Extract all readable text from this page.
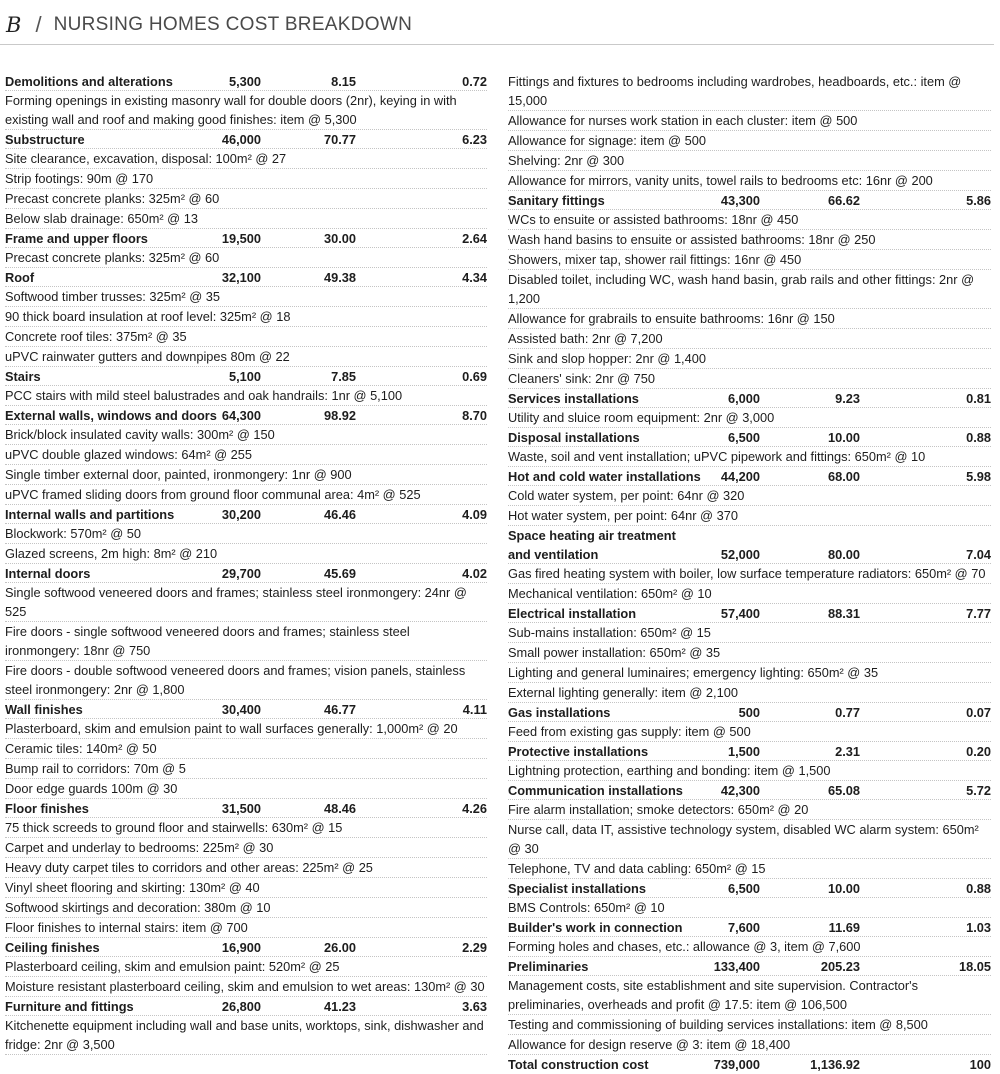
B / NURSING HOMES COST BREAKDOWN
Demolitions and alterations	5,300	8.15	0.72
Forming openings in existing masonry wall for double doors (2nr), keying in with existing wall and roof and making good finishes: item @ 5,300
Substructure	46,000	70.77	6.23
Site clearance, excavation, disposal: 100m² @ 27
Strip footings: 90m @ 170
Precast concrete planks: 325m² @ 60
Below slab drainage: 650m² @ 13
Frame and upper floors	19,500	30.00	2.64
Precast concrete planks: 325m² @ 60
Roof	32,100	49.38	4.34
Softwood timber trusses: 325m² @ 35
90 thick board insulation at roof level: 325m² @ 18
Concrete roof tiles: 375m² @ 35
uPVC rainwater gutters and downpipes 80m @ 22
Stairs	5,100	7.85	0.69
PCC stairs with mild steel balustrades and oak handrails: 1nr @ 5,100
External walls, windows and doors 64,300	98.92	8.70
Brick/block insulated cavity walls: 300m² @ 150
uPVC double glazed windows: 64m² @ 255
Single timber external door, painted, ironmongery: 1nr @ 900
uPVC framed sliding doors from ground floor communal area: 4m² @ 525
Internal walls and partitions	30,200	46.46	4.09
Blockwork: 570m² @ 50
Glazed screens, 2m high: 8m² @ 210
Internal doors	29,700	45.69	4.02
Single softwood veneered doors and frames; stainless steel ironmongery: 24nr @ 525
Fire doors - single softwood veneered doors and frames; stainless steel ironmongery: 18nr @ 750
Fire doors - double softwood veneered doors and frames; vision panels, stainless steel ironmongery: 2nr @ 1,800
Wall finishes	30,400	46.77	4.11
Plasterboard, skim and emulsion paint to wall surfaces generally: 1,000m² @ 20
Ceramic tiles: 140m² @ 50
Bump rail to corridors: 70m @ 5
Door edge guards 100m @ 30
Floor finishes	31,500	48.46	4.26
75 thick screeds to ground floor and stairwells: 630m² @ 15
Carpet and underlay to bedrooms: 225m² @ 30
Heavy duty carpet tiles to corridors and other areas: 225m² @ 25
Vinyl sheet flooring and skirting: 130m² @ 40
Softwood skirtings and decoration: 380m @ 10
Floor finishes to internal stairs: item @ 700
Ceiling finishes	16,900	26.00	2.29
Plasterboard ceiling, skim and emulsion paint: 520m² @ 25
Moisture resistant plasterboard ceiling, skim and emulsion to wet areas: 130m² @ 30
Furniture and fittings	26,800	41.23	3.63
Kitchenette equipment including wall and base units, worktops, sink, dishwasher and fridge: 2nr @ 3,500
Fittings and fixtures to bedrooms including wardrobes, headboards, etc.: item @ 15,000
Allowance for nurses work station in each cluster: item @ 500
Allowance for signage: item @ 500
Shelving: 2nr @ 300
Allowance for mirrors, vanity units, towel rails to bedrooms etc: 16nr @ 200
Sanitary fittings	43,300	66.62	5.86
WCs to ensuite or assisted bathrooms: 18nr @ 450
Wash hand basins to ensuite or assisted bathrooms: 18nr @ 250
Showers, mixer tap, shower rail fittings: 16nr @ 450
Disabled toilet, including WC, wash hand basin, grab rails and other fittings: 2nr @ 1,200
Allowance for grabrails to ensuite bathrooms: 16nr @ 150
Assisted bath: 2nr @ 7,200
Sink and slop hopper: 2nr @ 1,400
Cleaners' sink: 2nr @ 750
Services installations	6,000	9.23	0.81
Utility and sluice room equipment: 2nr @ 3,000
Disposal installations	6,500	10.00	0.88
Waste, soil and vent installation; uPVC pipework and fittings: 650m² @ 10
Hot and cold water installations	44,200	68.00	5.98
Cold water system, per point: 64nr @ 320
Hot water system, per point: 64nr @ 370
Space heating air treatment
and ventilation	52,000	80.00	7.04
Gas fired heating system with boiler, low surface temperature radiators: 650m² @ 70
Mechanical ventilation: 650m² @ 10
Electrical installation	57,400	88.31	7.77
Sub-mains installation: 650m² @ 15
Small power installation: 650m² @ 35
Lighting and general luminaires; emergency lighting: 650m² @ 35
External lighting generally: item @ 2,100
Gas installations	500	0.77	0.07
Feed from existing gas supply: item @ 500
Protective installations	1,500	2.31	0.20
Lightning protection, earthing and bonding: item @ 1,500
Communication installations	42,300	65.08	5.72
Fire alarm installation; smoke detectors: 650m² @ 20
Nurse call, data IT, assistive technology system, disabled WC alarm system: 650m² @ 30
Telephone, TV and data cabling: 650m² @ 15
Specialist installations	6,500	10.00	0.88
BMS Controls: 650m² @ 10
Builder's work in connection	7,600	11.69	1.03
Forming holes and chases, etc.: allowance @ 3, item @ 7,600
Preliminaries	133,400	205.23	18.05
Management costs, site establishment and site supervision. Contractor's preliminaries, overheads and profit @ 17.5: item @ 106,500
Testing and commissioning of building services installations: item @ 8,500
Allowance for design reserve @ 3: item @ 18,400
Total construction cost	739,000	1,136.92	100
